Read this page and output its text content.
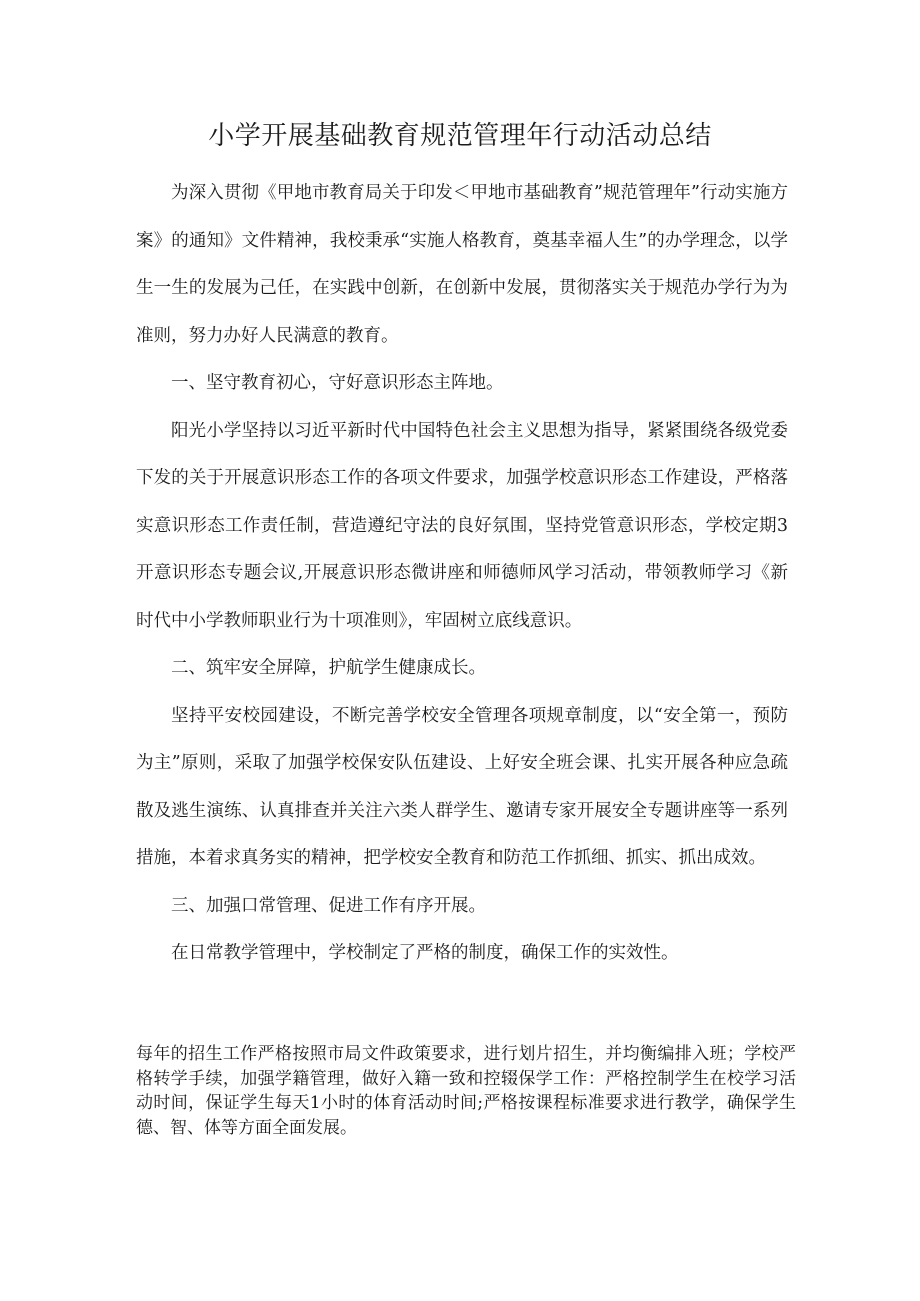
小学开展基础教育规范管理年行动活动总结

为深入贯彻《甲地市教育局关于印发＜甲地市基础教育”规范管理年”行动实施方案》的通知》文件精神，我校秉承“实施人格教育，奠基幸福人生”的办学理念，以学生一生的发展为己任，在实践中创新，在创新中发展，贯彻落实关于规范办学行为为准则，努力办好人民满意的教育。

一、坚守教育初心，守好意识形态主阵地。

阳光小学坚持以习近平新时代中国特色社会主义思想为指导，紧紧围绕各级党委下发的关于开展意识形态工作的各项文件要求，加强学校意识形态工作建设，严格落实意识形态工作责任制，营造遵纪守法的良好氛围，坚持党管意识形态，学校定期3开意识形态专题会议,开展意识形态微讲座和师德师风学习活动，带领教师学习《新时代中小学教师职业行为十项准则》，牢固树立底线意识。

二、筑牢安全屏障，护航学生健康成长。

坚持平安校园建设，不断完善学校安全管理各项规章制度，以“安全第一，预防为主”原则，采取了加强学校保安队伍建设、上好安全班会课、扎实开展各种应急疏散及逃生演练、认真排查并关注六类人群学生、邀请专家开展安全专题讲座等一系列措施，本着求真务实的精神，把学校安全教育和防范工作抓细、抓实、抓出成效。

三、加强口常管理、促进工作有序开展。

在日常教学管理中，学校制定了严格的制度，确保工作的实效性。

每年的招生工作严格按照市局文件政策要求，进行划片招生，并均衡编排入班；学校严格转学手续，加强学籍管理，做好入籍一致和控辍保学工作：严格控制学生在校学习活动时间，保证学生每天1小时的体育活动时间;严格按课程标准要求进行教学，确保学生德、智、体等方面全面发展。
